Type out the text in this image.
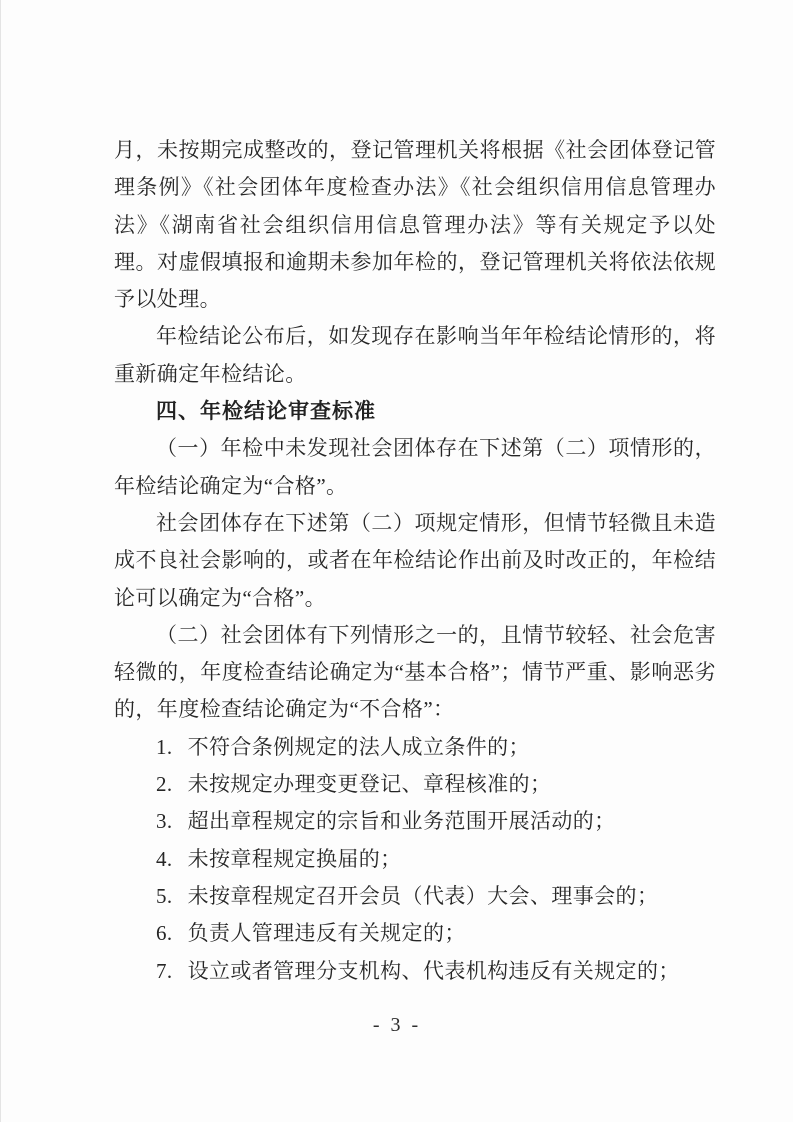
月，未按期完成整改的，登记管理机关将根据《社会团体登记管理条例》《社会团体年度检查办法》《社会组织信用信息管理办法》《湖南省社会组织信用信息管理办法》等有关规定予以处理。对虚假填报和逾期未参加年检的，登记管理机关将依法依规予以处理。

年检结论公布后，如发现存在影响当年年检结论情形的，将重新确定年检结论。

四、年检结论审查标准

（一）年检中未发现社会团体存在下述第（二）项情形的，年检结论确定为“合格”。

社会团体存在下述第（二）项规定情形，但情节轻微且未造成不良社会影响的，或者在年检结论作出前及时改正的，年检结论可以确定为“合格”。

（二）社会团体有下列情形之一的，且情节较轻、社会危害轻微的，年度检查结论确定为“基本合格”；情节严重、影响恶劣的，年度检查结论确定为“不合格”：

1. 不符合条例规定的法人成立条件的；
2. 未按规定办理变更登记、章程核准的；
3. 超出章程规定的宗旨和业务范围开展活动的；
4. 未按章程规定换届的；
5. 未按章程规定召开会员（代表）大会、理事会的；
6. 负责人管理违反有关规定的；
7. 设立或者管理分支机构、代表机构违反有关规定的；
- 3 -
